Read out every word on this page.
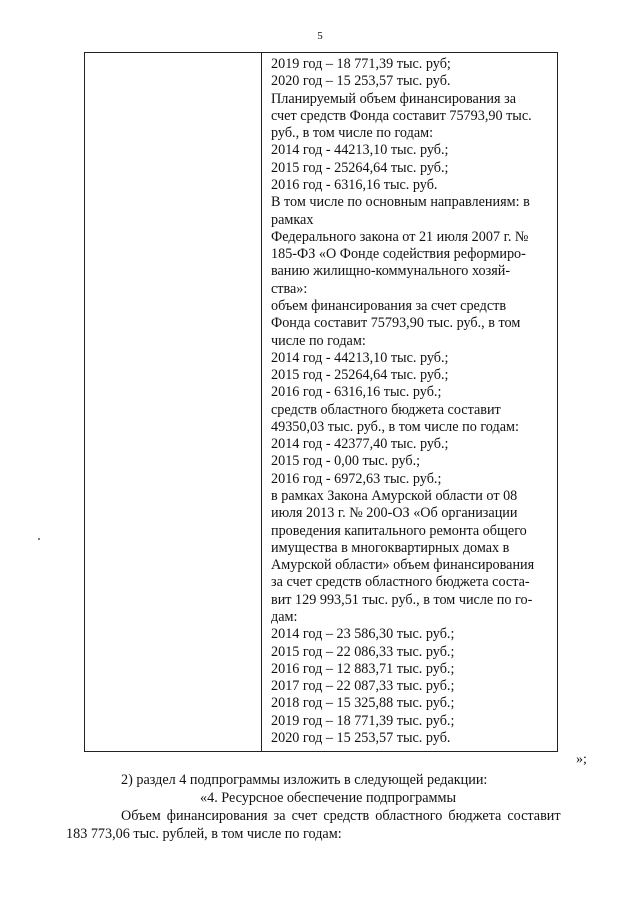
5
2019 год – 18 771,39 тыс. руб;
2020 год – 15 253,57 тыс. руб.
Планируемый объем финансирования за
счет средств Фонда составит 75793,90 тыс.
руб., в том числе по годам:
2014 год - 44213,10 тыс. руб.;
2015 год - 25264,64 тыс. руб.;
2016 год - 6316,16 тыс. руб.
В том числе по основным направлениям: в
рамках
Федерального закона от 21 июля 2007 г. №
185-ФЗ «О Фонде содействия реформиро-
ванию жилищно-коммунального хозяй-
ства»:
объем финансирования за счет средств
Фонда составит 75793,90 тыс. руб., в том
числе по годам:
2014 год - 44213,10 тыс. руб.;
2015 год - 25264,64 тыс. руб.;
2016 год - 6316,16 тыс. руб.;
средств областного бюджета составит
49350,03 тыс. руб., в том числе по годам:
2014 год - 42377,40 тыс. руб.;
2015 год - 0,00 тыс. руб.;
2016 год - 6972,63 тыс. руб.;
в рамках Закона Амурской области от 08
июля 2013 г. № 200-ОЗ «Об организации
проведения капитального ремонта общего
имущества в многоквартирных домах в
Амурской области» объем финансирования
за счет средств областного бюджета соста-
вит 129 993,51 тыс. руб., в том числе по го-
дам:
2014 год – 23 586,30 тыс. руб.;
2015 год – 22 086,33 тыс. руб.;
2016 год – 12 883,71 тыс. руб.;
2017 год – 22 087,33 тыс. руб.;
2018 год – 15 325,88 тыс. руб.;
2019 год – 18 771,39 тыс. руб.;
2020 год – 15 253,57 тыс. руб.
»;
2) раздел 4 подпрограммы изложить в следующей редакции:
«4. Ресурсное обеспечение подпрограммы
Объем финансирования за счет средств областного бюджета составит
183 773,06 тыс. рублей, в том числе по годам:
